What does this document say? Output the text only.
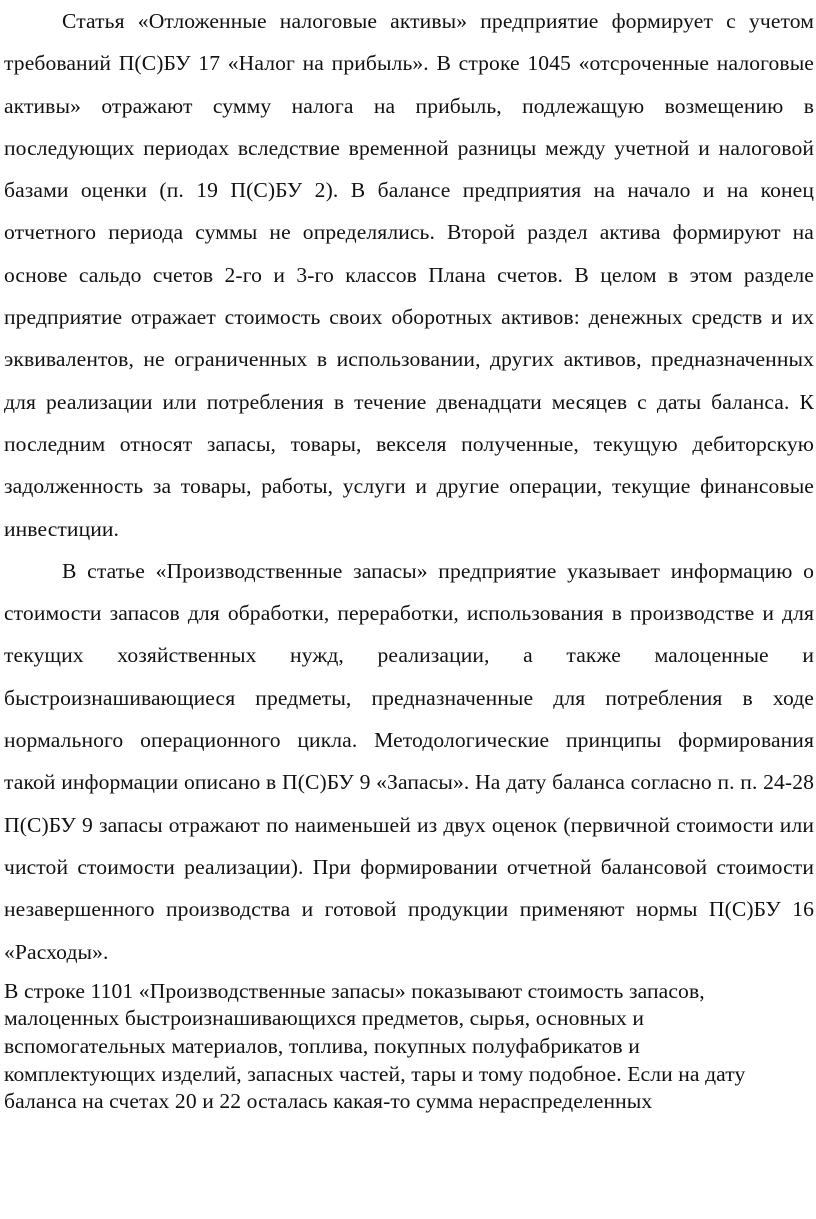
Статья «Отложенные налоговые активы» предприятие формирует с учетом требований П(С)БУ 17 «Налог на прибыль». В строке 1045 «отсроченные налоговые активы» отражают сумму налога на прибыль, подлежащую возмещению в последующих периодах вследствие временной разницы между учетной и налоговой базами оценки (п. 19 П(С)БУ 2). В балансе предприятия на начало и на конец отчетного периода суммы не определялись. Второй раздел актива формируют на основе сальдо счетов 2-го и 3-го классов Плана счетов. В целом в этом разделе предприятие отражает стоимость своих оборотных активов: денежных средств и их эквивалентов, не ограниченных в использовании, других активов, предназначенных для реализации или потребления в течение двенадцати месяцев с даты баланса. К последним относят запасы, товары, векселя полученные, текущую дебиторскую задолженность за товары, работы, услуги и другие операции, текущие финансовые инвестиции.

В статье «Производственные запасы» предприятие указывает информацию о стоимости запасов для обработки, переработки, использования в производстве и для текущих хозяйственных нужд, реализации, а также малоценные и быстроизнашивающиеся предметы, предназначенные для потребления в ходе нормального операционного цикла. Методологические принципы формирования такой информации описано в П(С)БУ 9 «Запасы». На дату баланса согласно п. п. 24-28 П(С)БУ 9 запасы отражают по наименьшей из двух оценок (первичной стоимости или чистой стоимости реализации). При формировании отчетной балансовой стоимости незавершенного производства и готовой продукции применяют нормы П(С)БУ 16 «Расходы».

В строке 1101 «Производственные запасы» показывают стоимость запасов, малоценных быстроизнашивающихся предметов, сырья, основных и вспомогательных материалов, топлива, покупных полуфабрикатов и комплектующих изделий, запасных частей, тары и тому подобное. Если на дату баланса на счетах 20 и 22 осталась какая-то сумма нераспределенных
